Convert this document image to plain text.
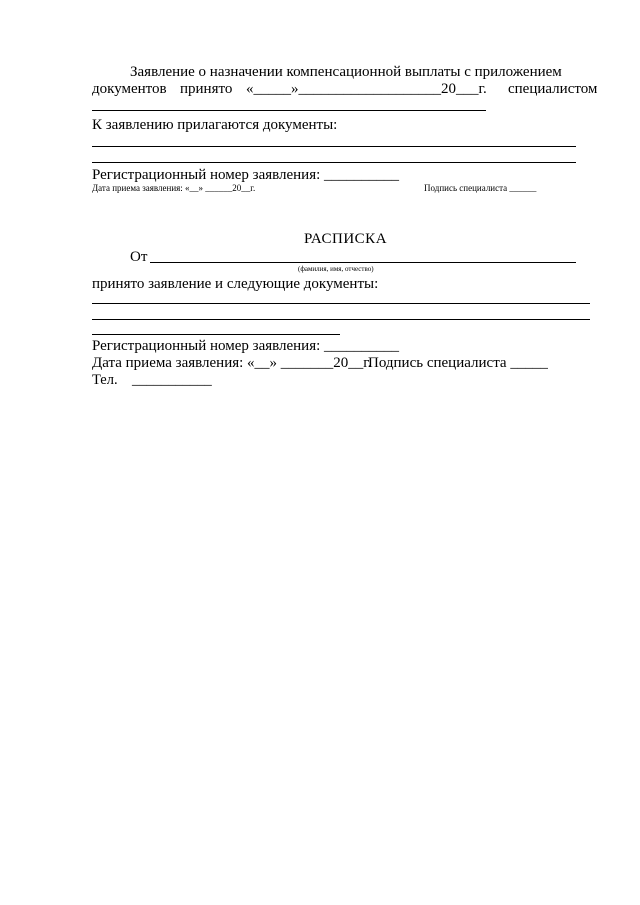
Заявление о назначении компенсационной выплаты с приложением
документов принято «_____»___________________20___г. специалистом
К заявлению прилагаются документы:
Регистрационный номер заявления: __________
Дата приема заявления: «__» ______20__г.	Подпись специалиста ______
РАСПИСКА
От
(фамилия, имя, отчество)
принято заявление и следующие документы:
Регистрационный номер заявления: __________
Дата приема заявления: «__» _______20__г.
Подпись специалиста _____
Тел. ___________
